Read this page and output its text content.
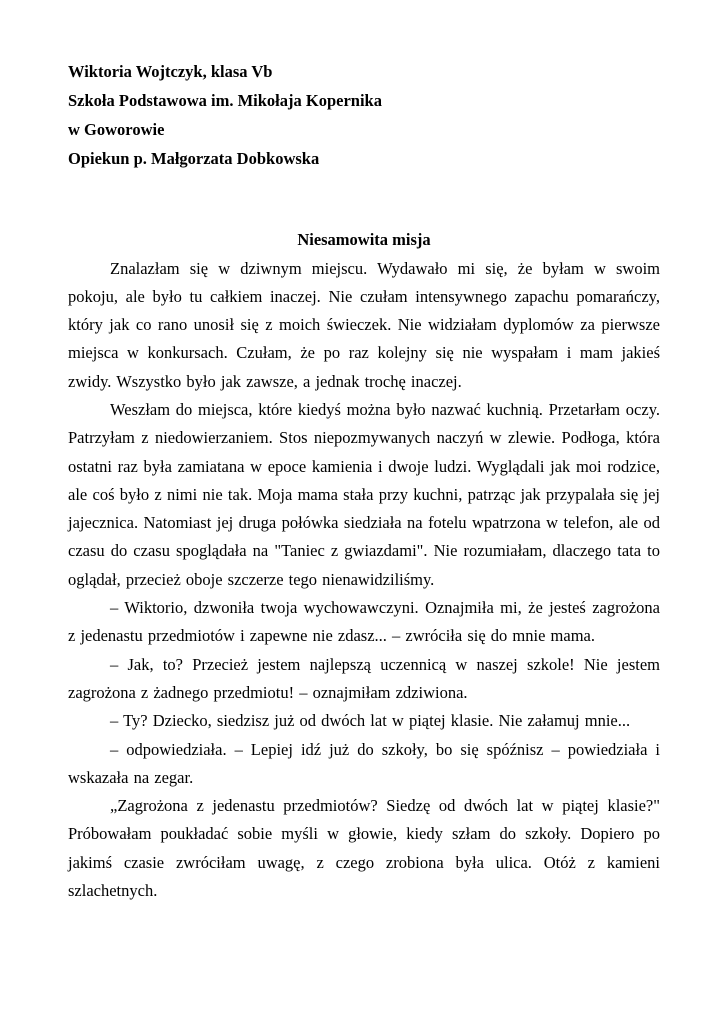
Wiktoria Wojtczyk, klasa Vb

Szkoła Podstawowa im. Mikołaja Kopernika

w Goworowie

Opiekun p. Małgorzata Dobkowska

Niesamowita misja

Znalazłam się w dziwnym miejscu. Wydawało mi się, że byłam w swoim pokoju, ale było tu całkiem inaczej. Nie czułam intensywnego zapachu pomarańczy, który jak co rano unosił się z moich świeczek. Nie widziałam dyplomów za pierwsze miejsca w konkursach. Czułam, że po raz kolejny się nie wyspałam i mam jakieś zwidy. Wszystko było jak zawsze, a jednak trochę inaczej.

Weszłam do miejsca, które kiedyś można było nazwać kuchnią. Przetarłam oczy. Patrzyłam z niedowierzaniem. Stos niepozmywanych naczyń w zlewie. Podłoga, która ostatni raz była zamiatana w epoce kamienia i dwoje ludzi. Wyglądali jak moi rodzice, ale coś było z nimi nie tak. Moja mama stała przy kuchni, patrząc jak przypalała się jej jajecznica. Natomiast jej druga połówka siedziała na fotelu wpatrzona w telefon, ale od czasu do czasu spoglądała na "Taniec z gwiazdami". Nie rozumiałam, dlaczego tata to oglądał, przecież oboje szczerze tego nienawidziliśmy.

– Wiktorio, dzwoniła twoja wychowawczyni. Oznajmiła mi, że jesteś zagrożona z jedenastu przedmiotów i zapewne nie zdasz... – zwróciła się do mnie mama.

– Jak, to? Przecież jestem najlepszą uczennicą w naszej szkole! Nie jestem zagrożona z żadnego przedmiotu! – oznajmiłam zdziwiona.

– Ty? Dziecko, siedzisz już od dwóch lat w piątej klasie. Nie załamuj mnie...

– odpowiedziała. – Lepiej idź już do szkoły, bo się spóźnisz – powiedziała i wskazała na zegar.

„Zagrożona z jedenastu przedmiotów? Siedzę od dwóch lat w piątej klasie?" Próbowałam poukładać sobie myśli w głowie, kiedy szłam do szkoły. Dopiero po jakimś czasie zwróciłam uwagę, z czego zrobiona była ulica. Otóż z kamieni szlachetnych.
